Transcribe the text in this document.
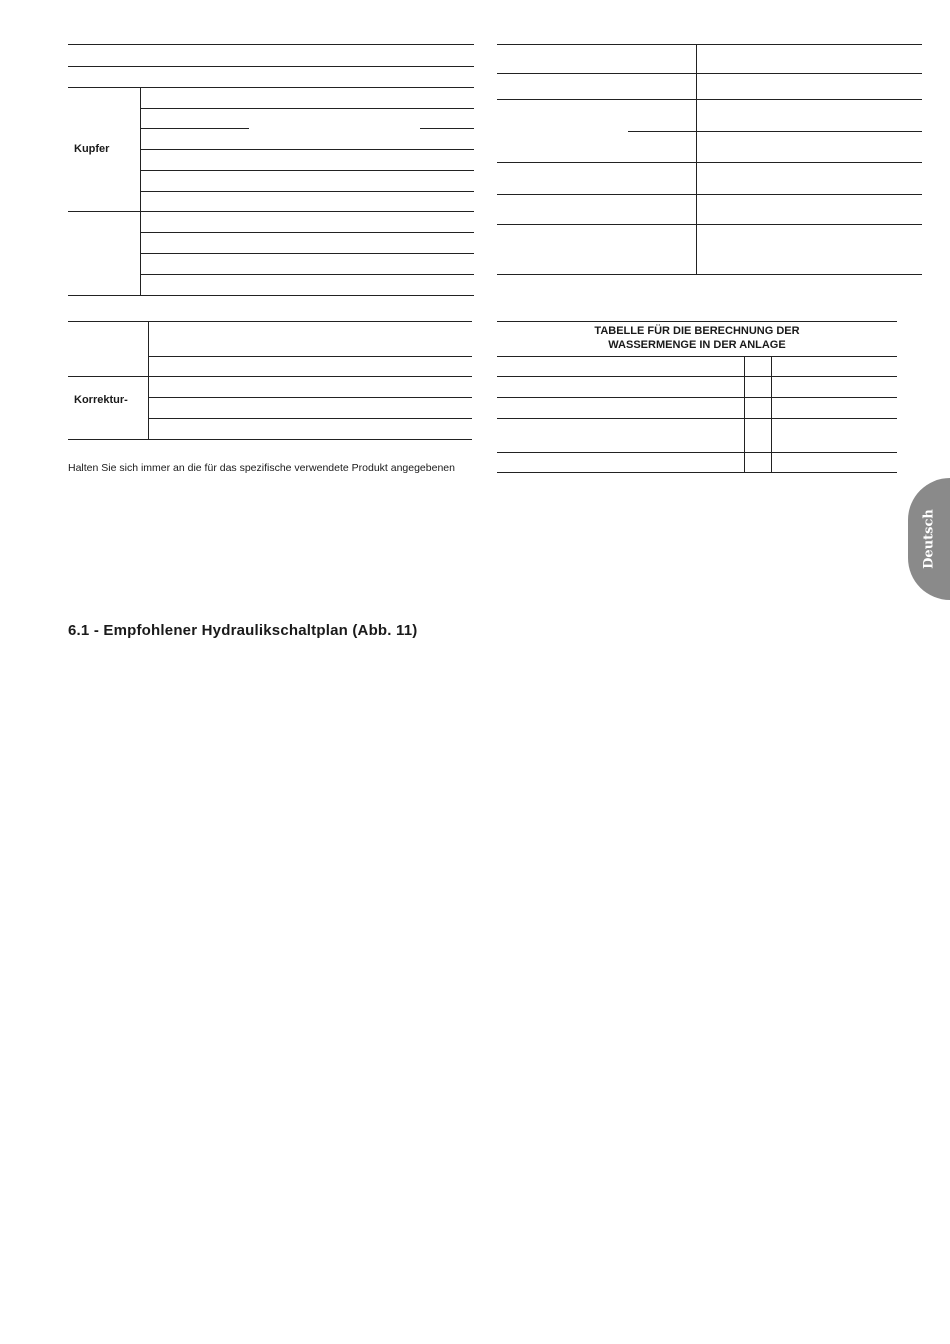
Kupfer
Korrektur-

Halten Sie sich immer an die für das spezifische verwendete Produkt angegebenen

TABELLE FÜR DIE BERECHNUNG DER
WASSERMENGE IN DER ANLAGE
6.1 - Empfohlener Hydraulikschaltplan (Abb. 11)
Deutsch
